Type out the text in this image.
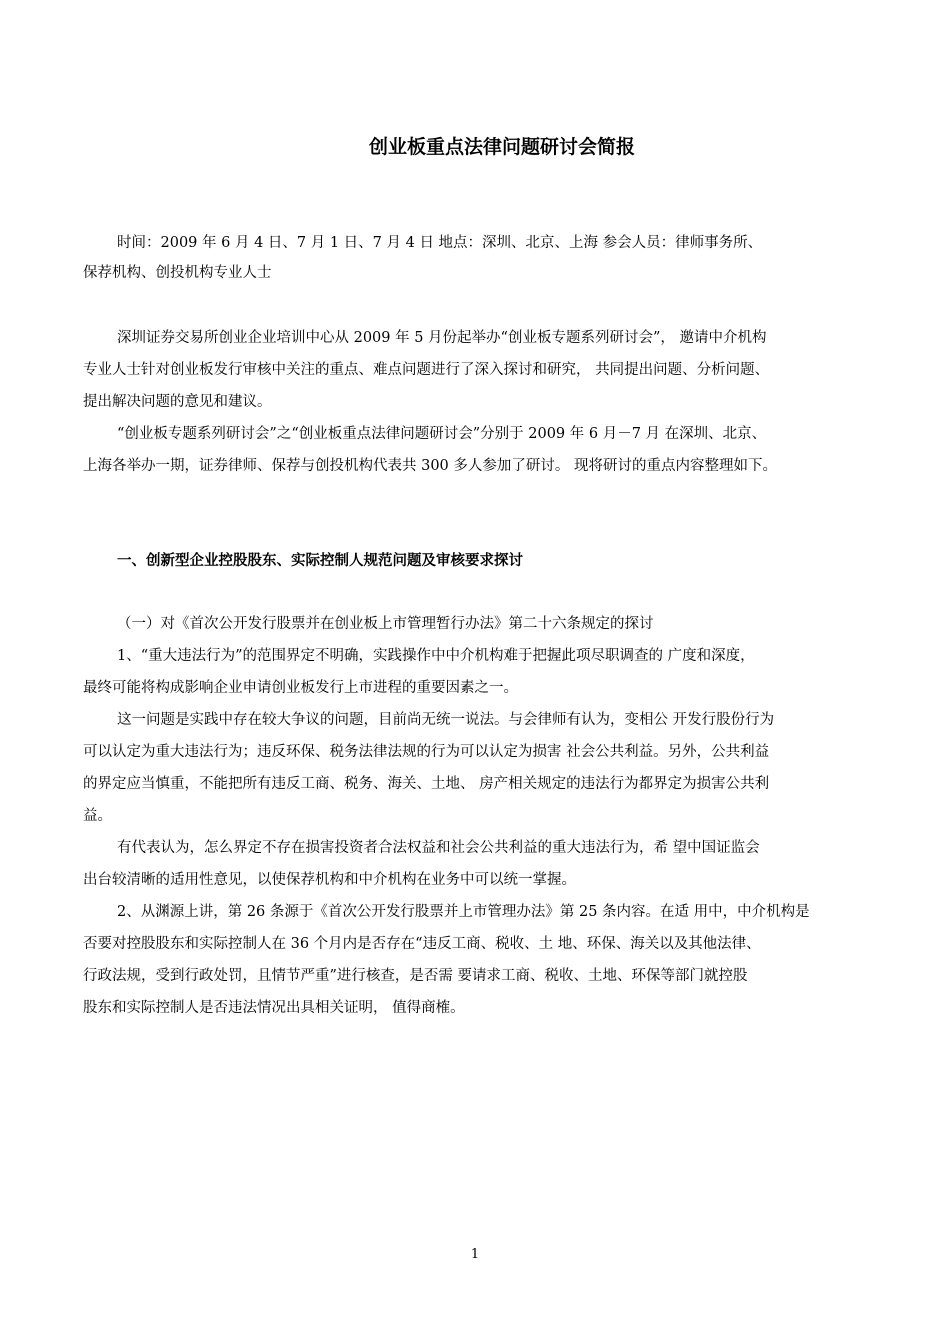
创业板重点法律问题研讨会简报
时间：2009 年 6 月 4 日、7 月 1 日、7 月 4 日 地点：深圳、北京、上海 参会人员：律师事务所、
保荐机构、创投机构专业人士
深圳证券交易所创业企业培训中心从 2009 年 5 月份起举办“创业板专题系列研讨会”， 邀请中介机构
专业人士针对创业板发行审核中关注的重点、难点问题进行了深入探讨和研究， 共同提出问题、分析问题、
提出解决问题的意见和建议。
“创业板专题系列研讨会”之“创业板重点法律问题研讨会”分别于 2009 年 6 月－7 月 在深圳、北京、
上海各举办一期，证券律师、保荐与创投机构代表共 300 多人参加了研讨。 现将研讨的重点内容整理如下。
一、创新型企业控股股东、实际控制人规范问题及审核要求探讨
（一）对《首次公开发行股票并在创业板上市管理暂行办法》第二十六条规定的探讨
1、“重大违法行为”的范围界定不明确，实践操作中中介机构难于把握此项尽职调查的 广度和深度，
最终可能将构成影响企业申请创业板发行上市进程的重要因素之一。
这一问题是实践中存在较大争议的问题，目前尚无统一说法。与会律师有认为，变相公 开发行股份行为
可以认定为重大违法行为；违反环保、税务法律法规的行为可以认定为损害 社会公共利益。另外，公共利益
的界定应当慎重，不能把所有违反工商、税务、海关、土地、 房产相关规定的违法行为都界定为损害公共利
益。
有代表认为，怎么界定不存在损害投资者合法权益和社会公共利益的重大违法行为，希 望中国证监会
出台较清晰的适用性意见，以使保荐机构和中介机构在业务中可以统一掌握。
2、从渊源上讲，第 26 条源于《首次公开发行股票并上市管理办法》第 25 条内容。在适 用中，中介机构是
否要对控股股东和实际控制人在 36 个月内是否存在“违反工商、税收、土 地、环保、海关以及其他法律、
行政法规，受到行政处罚，且情节严重”进行核查，是否需 要请求工商、税收、土地、环保等部门就控股
股东和实际控制人是否违法情况出具相关证明， 值得商榷。
1
